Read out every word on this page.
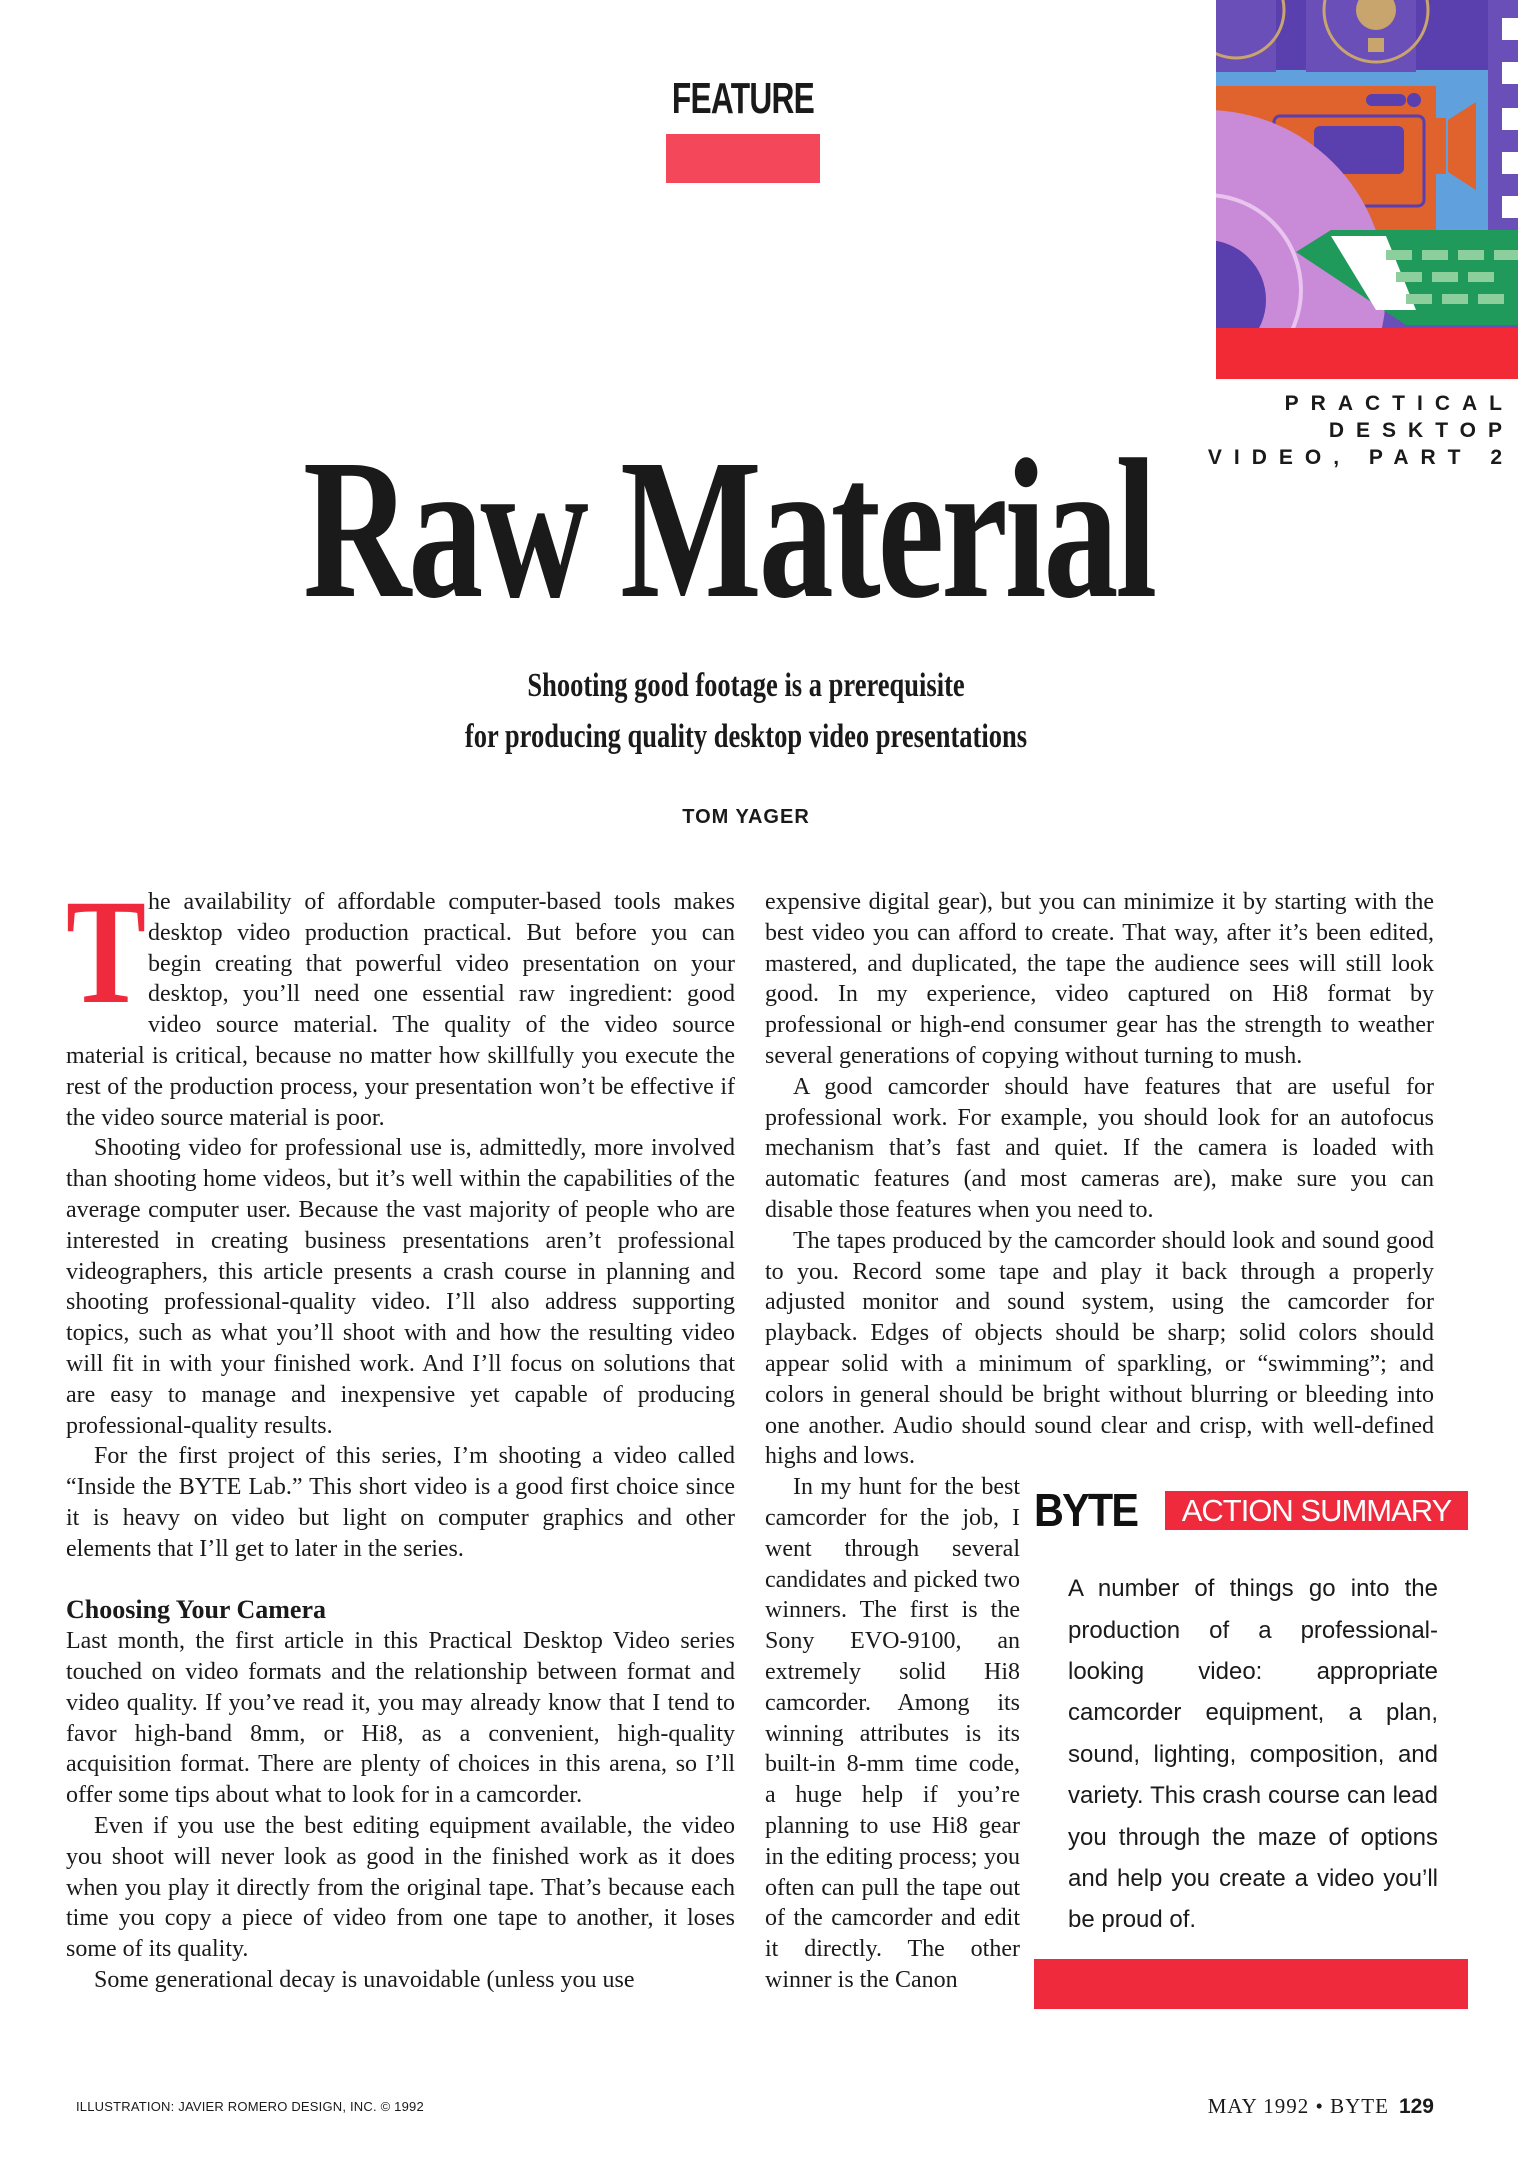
FEATURE
PRACTICAL
DESKTOP
VIDEO, PART 2
Raw Material
Shooting good footage is a prerequisite
for producing quality desktop video presentations
TOM YAGER

The availability of affordable computer-based tools makes desktop video production practical. But before you can begin creating that powerful video presentation on your desktop, you’ll need one essential raw ingredient: good video source material. The quality of the video source material is critical, because no matter how skillfully you execute the rest of the production process, your presentation won’t be effective if the video source material is poor.

Shooting video for professional use is, admittedly, more involved than shooting home videos, but it’s well within the capabilities of the average computer user. Because the vast majority of people who are interested in creating business presentations aren’t professional videographers, this article presents a crash course in planning and shooting professional-quality video. I’ll also address supporting topics, such as what you’ll shoot with and how the resulting video will fit in with your finished work. And I’ll focus on solutions that are easy to manage and inexpensive yet capable of producing professional-quality results.

For the first project of this series, I’m shooting a video called “Inside the BYTE Lab.” This short video is a good first choice since it is heavy on video but light on computer graphics and other elements that I’ll get to later in the series.

Choosing Your Camera

Last month, the first article in this Practical Desktop Video series touched on video formats and the relationship between format and video quality. If you’ve read it, you may already know that I tend to favor high-band 8mm, or Hi8, as a convenient, high-quality acquisition format. There are plenty of choices in this arena, so I’ll offer some tips about what to look for in a camcorder.

Even if you use the best editing equipment available, the video you shoot will never look as good in the finished work as it does when you play it directly from the original tape. That’s because each time you copy a piece of video from one tape to another, it loses some of its quality.

Some generational decay is unavoidable (unless you use

expensive digital gear), but you can minimize it by starting with the best video you can afford to create. That way, after it’s been edited, mastered, and duplicated, the tape the audience sees will still look good. In my experience, video captured on Hi8 format by professional or high-end consumer gear has the strength to weather several generations of copying without turning to mush.

A good camcorder should have features that are useful for professional work. For example, you should look for an autofocus mechanism that’s fast and quiet. If the camera is loaded with automatic features (and most cameras are), make sure you can disable those features when you need to.

The tapes produced by the camcorder should look and sound good to you. Record some tape and play it back through a properly adjusted monitor and sound system, using the camcorder for playback. Edges of objects should be sharp; solid colors should appear solid with a minimum of sparkling, or “swimming”; and colors in general should be bright without blurring or bleeding into one another. Audio should sound clear and crisp, with well-defined highs and lows.

In my hunt for the best camcorder for the job, I went through several candidates and picked two winners. The first is the Sony EVO-9100, an extremely solid Hi8 camcorder. Among its winning attributes is its built-in 8-mm time code, a huge help if you’re planning to use Hi8 gear in the editing process; you often can pull the tape out of the camcorder and edit it directly. The other winner is the Canon

BYTE	ACTION SUMMARY
A number of things go into the production of a professional-looking video: appropriate camcorder equipment, a plan, sound, lighting, composition, and variety. This crash course can lead you through the maze of options and help you create a video you’ll be proud of.
ILLUSTRATION: JAVIER ROMERO DESIGN, INC. © 1992	MAY 1992 • BYTE 129
